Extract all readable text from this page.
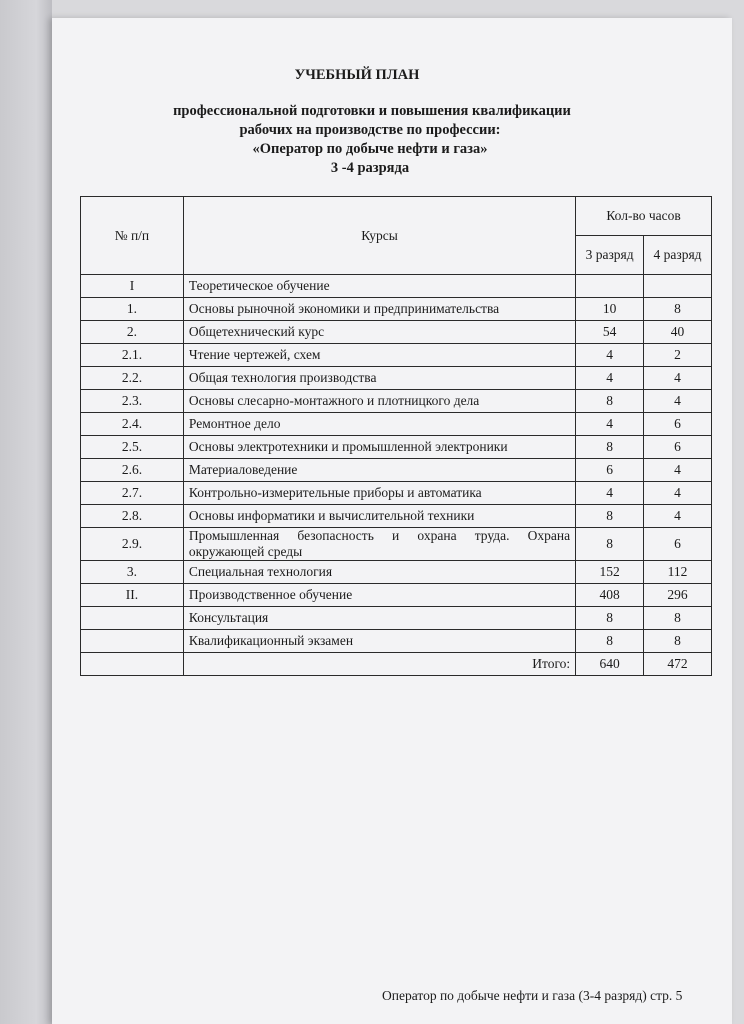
УЧЕБНЫЙ ПЛАН
профессиональной подготовки и повышения квалификации
рабочих на производстве по профессии:
«Оператор по добыче нефти и газа»
3 -4 разряда
№ п/п	Курсы	Кол-во часов	
		3 разряд	4 разряд
I	Теоретическое обучение		
1.	Основы рыночной экономики и предпринимательства	10	8
2.	Общетехнический курс	54	40
2.1.	Чтение чертежей, схем	4	2
2.2.	Общая технология производства	4	4
2.3.	Основы слесарно-монтажного и плотницкого дела	8	4
2.4.	Ремонтное дело	4	6
2.5.	Основы электротехники и промышленной электроники	8	6
2.6.	Материаловедение	6	4
2.7.	Контрольно-измерительные приборы и автоматика	4	4
2.8.	Основы информатики и вычислительной техники	8	4
2.9.	Промышленная безопасность и охрана труда. Охрана
окружающей среды	8	6
3.	Специальная технология	152	112
II.	Производственное обучение	408	296
	Консультация	8	8
	Квалификационный экзамен	8	8
	Итого:	640	472
Оператор по добыче нефти и газа (3-4 разряд) стр. 5
